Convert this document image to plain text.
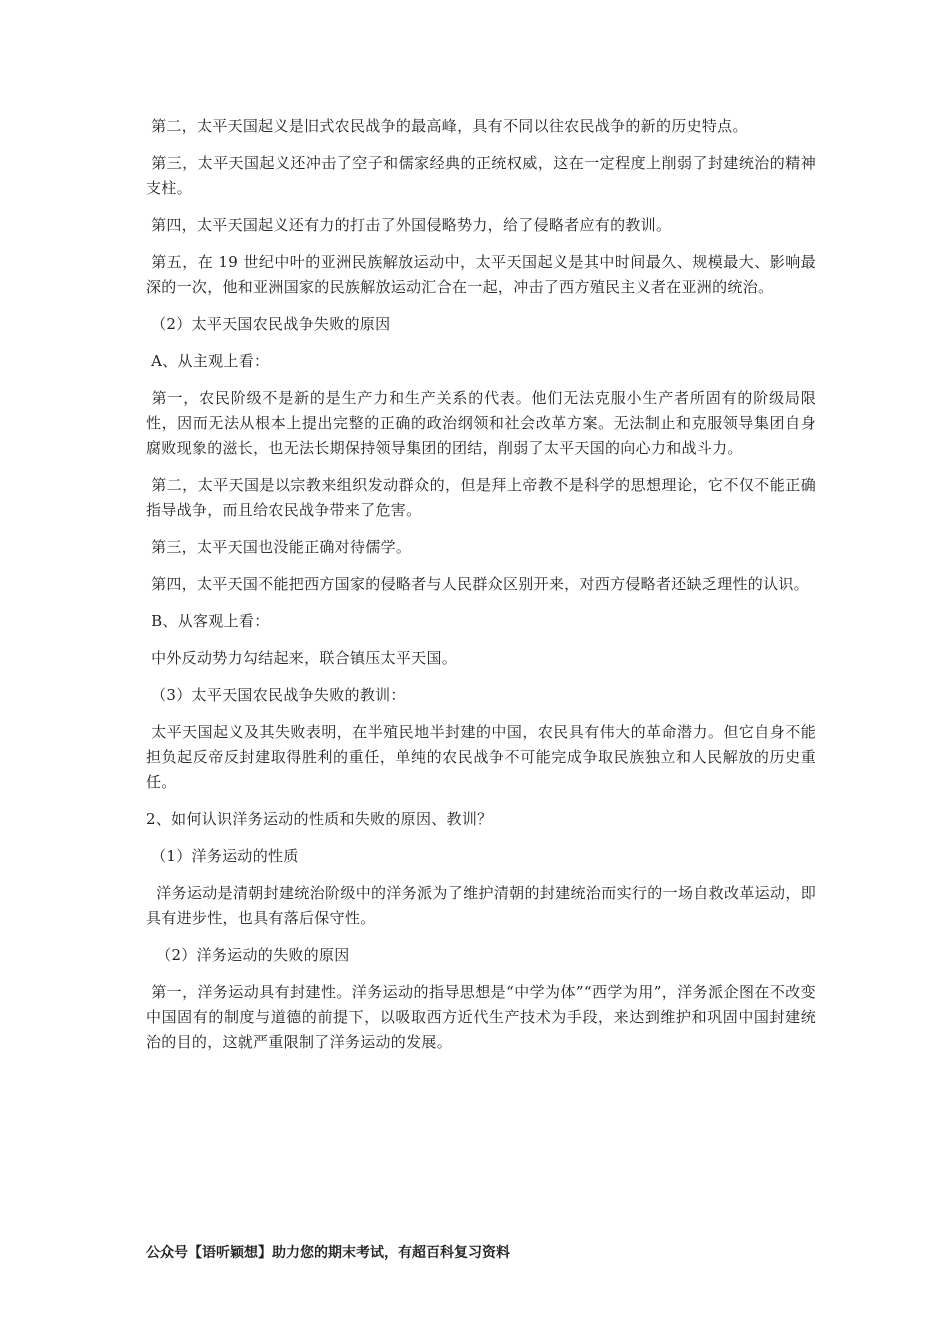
第二，太平天国起义是旧式农民战争的最高峰，具有不同以往农民战争的新的历史特点。

第三，太平天国起义还冲击了空子和儒家经典的正统权威，这在一定程度上削弱了封建统治的精神支柱。

第四，太平天国起义还有力的打击了外国侵略势力，给了侵略者应有的教训。

第五，在 19 世纪中叶的亚洲民族解放运动中，太平天国起义是其中时间最久、规模最大、影响最深的一次，他和亚洲国家的民族解放运动汇合在一起，冲击了西方殖民主义者在亚洲的统治。

（2）太平天国农民战争失败的原因

A、从主观上看：

第一，农民阶级不是新的是生产力和生产关系的代表。他们无法克服小生产者所固有的阶级局限性，因而无法从根本上提出完整的正确的政治纲领和社会改革方案。无法制止和克服领导集团自身腐败现象的滋长，也无法长期保持领导集团的团结，削弱了太平天国的向心力和战斗力。

第二，太平天国是以宗教来组织发动群众的，但是拜上帝教不是科学的思想理论，它不仅不能正确指导战争，而且给农民战争带来了危害。

第三，太平天国也没能正确对待儒学。

第四，太平天国不能把西方国家的侵略者与人民群众区别开来，对西方侵略者还缺乏理性的认识。

B、从客观上看：

中外反动势力勾结起来，联合镇压太平天国。

（3）太平天国农民战争失败的教训：

太平天国起义及其失败表明，在半殖民地半封建的中国，农民具有伟大的革命潜力。但它自身不能担负起反帝反封建取得胜利的重任，单纯的农民战争不可能完成争取民族独立和人民解放的历史重任。

2、如何认识洋务运动的性质和失败的原因、教训？

（1）洋务运动的性质

洋务运动是清朝封建统治阶级中的洋务派为了维护清朝的封建统治而实行的一场自救改革运动，即具有进步性，也具有落后保守性。

（2）洋务运动的失败的原因

第一，洋务运动具有封建性。洋务运动的指导思想是“中学为体”“西学为用”，洋务派企图在不改变中国固有的制度与道德的前提下，以吸取西方近代生产技术为手段，来达到维护和巩固中国封建统治的目的，这就严重限制了洋务运动的发展。

公众号【语听颖想】助力您的期末考试，有超百科复习资料
